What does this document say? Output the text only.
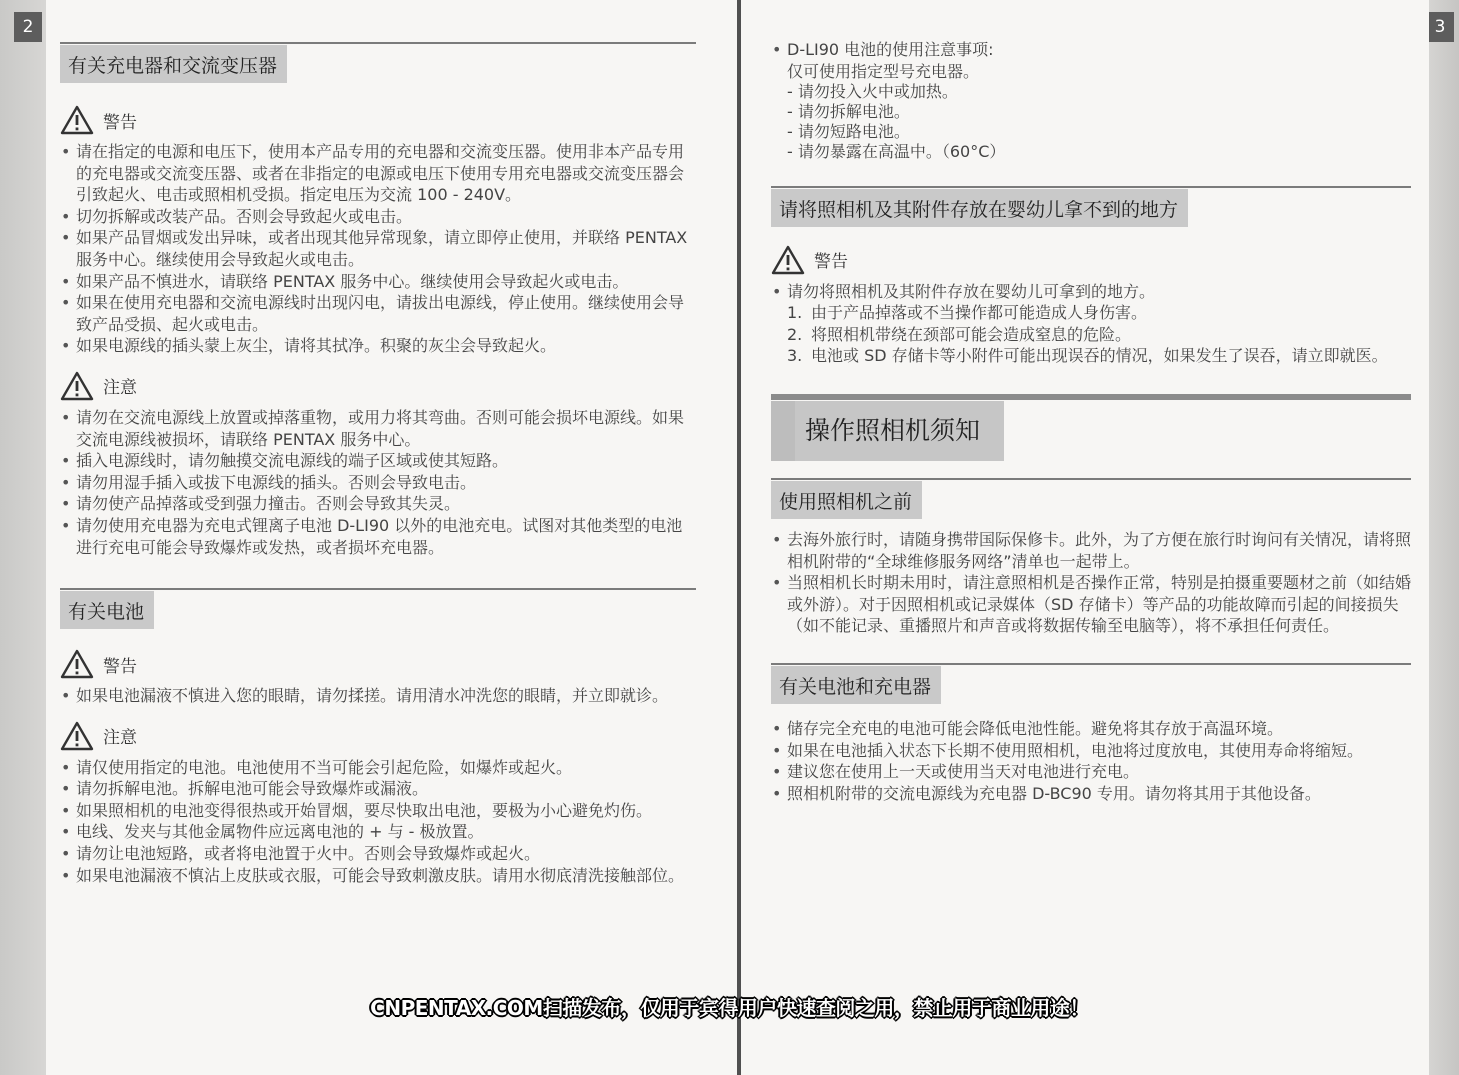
2	3
有关充电器和交流变压器
警告
• 请在指定的电源和电压下，使用本产品专用的充电器和交流变压器。使用非本产品专用的充电器或交流变压器、或者在非指定的电源或电压下使用专用充电器或交流变压器会引致起火、电击或照相机受损。指定电压为交流 100 - 240V。
• 切勿拆解或改装产品。否则会导致起火或电击。
• 如果产品冒烟或发出异味，或者出现其他异常现象，请立即停止使用，并联络 PENTAX 服务中心。继续使用会导致起火或电击。
• 如果产品不慎进水，请联络 PENTAX 服务中心。继续使用会导致起火或电击。
• 如果在使用充电器和交流电源线时出现闪电，请拔出电源线，停止使用。继续使用会导致产品受损、起火或电击。
• 如果电源线的插头蒙上灰尘，请将其拭净。积聚的灰尘会导致起火。
注意
• 请勿在交流电源线上放置或掉落重物，或用力将其弯曲。否则可能会损坏电源线。如果交流电源线被损坏，请联络 PENTAX 服务中心。
• 插入电源线时，请勿触摸交流电源线的端子区域或使其短路。
• 请勿用湿手插入或拔下电源线的插头。否则会导致电击。
• 请勿使产品掉落或受到强力撞击。否则会导致其失灵。
• 请勿使用充电器为充电式锂离子电池 D-LI90 以外的电池充电。试图对其他类型的电池进行充电可能会导致爆炸或发热，或者损坏充电器。
有关电池
警告
• 如果电池漏液不慎进入您的眼睛，请勿揉搓。请用清水冲洗您的眼睛，并立即就诊。
注意
• 请仅使用指定的电池。电池使用不当可能会引起危险，如爆炸或起火。
• 请勿拆解电池。拆解电池可能会导致爆炸或漏液。
• 如果照相机的电池变得很热或开始冒烟，要尽快取出电池，要极为小心避免灼伤。
• 电线、发夹与其他金属物件应远离电池的 + 与 - 极放置。
• 请勿让电池短路，或者将电池置于火中。否则会导致爆炸或起火。
• 如果电池漏液不慎沾上皮肤或衣服，可能会导致刺激皮肤。请用水彻底清洗接触部位。
• D-LI90 电池的使用注意事项:
仅可使用指定型号充电器。
- 请勿投入火中或加热。
- 请勿拆解电池。
- 请勿短路电池。
- 请勿暴露在高温中。（60°C）
请将照相机及其附件存放在婴幼儿拿不到的地方
警告
• 请勿将照相机及其附件存放在婴幼儿可拿到的地方。
1. 由于产品掉落或不当操作都可能造成人身伤害。
2. 将照相机带绕在颈部可能会造成窒息的危险。
3. 电池或 SD 存储卡等小附件可能出现误吞的情况，如果发生了误吞，请立即就医。
操作照相机须知
使用照相机之前
• 去海外旅行时，请随身携带国际保修卡。此外，为了方便在旅行时询问有关情况，请将照相机附带的“全球维修服务网络”清单也一起带上。
• 当照相机长时期未用时，请注意照相机是否操作正常，特别是拍摄重要题材之前（如结婚或外游）。对于因照相机或记录媒体（SD 存储卡）等产品的功能故障而引起的间接损失（如不能记录、重播照片和声音或将数据传输至电脑等），将不承担任何责任。
有关电池和充电器
• 储存完全充电的电池可能会降低电池性能。避免将其存放于高温环境。
• 如果在电池插入状态下长期不使用照相机，电池将过度放电，其使用寿命将缩短。
• 建议您在使用上一天或使用当天对电池进行充电。
• 照相机附带的交流电源线为充电器 D-BC90 专用。请勿将其用于其他设备。
CNPENTAX.COM扫描发布，仅用于宾得用户快速查阅之用，禁止用于商业用途！
